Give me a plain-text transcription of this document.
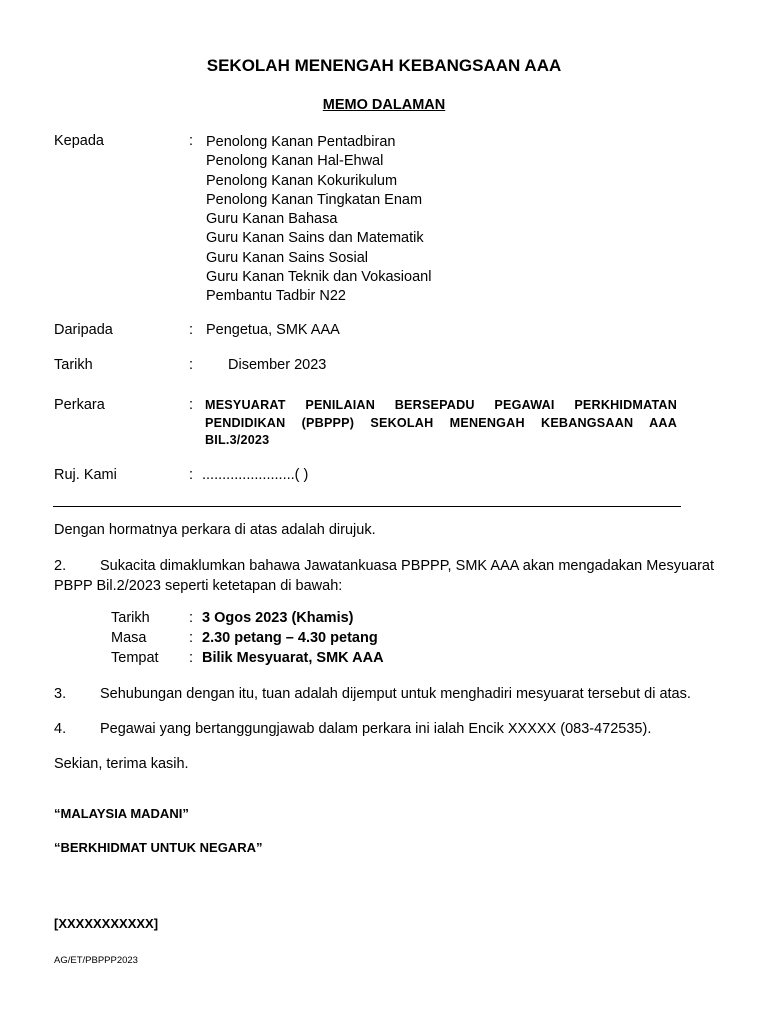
SEKOLAH MENENGAH KEBANGSAAN AAA
MEMO DALAMAN
Kepada	: Penolong Kanan Pentadbiran
Penolong Kanan Hal-Ehwal
Penolong Kanan Kokurikulum
Penolong Kanan Tingkatan Enam
Guru Kanan Bahasa
Guru Kanan Sains dan Matematik
Guru Kanan Sains Sosial
Guru Kanan Teknik dan Vokasioanl
Pembantu Tadbir N22
Daripada	: Pengetua, SMK AAA
Tarikh	: Disember 2023
Perkara	: MESYUARAT PENILAIAN BERSEPADU PEGAWAI PERKHIDMATAN PENDIDIKAN (PBPPP) SEKOLAH MENENGAH KEBANGSAAN AAA BIL.3/2023
Ruj. Kami	: .......................( )
Dengan hormatnya perkara di atas adalah dirujuk.
2. Sukacita dimaklumkan bahawa Jawatankuasa PBPPP, SMK AAA akan mengadakan Mesyuarat PBPP Bil.2/2023 seperti ketetapan di bawah:
Tarikh	: 3 Ogos 2023 (Khamis)
Masa	: 2.30 petang – 4.30 petang
Tempat : Bilik Mesyuarat, SMK AAA
3. Sehubungan dengan itu, tuan adalah dijemput untuk menghadiri mesyuarat tersebut di atas.
4. Pegawai yang bertanggungjawab dalam perkara ini ialah Encik XXXXX (083-472535).
Sekian, terima kasih.
“MALAYSIA MADANI”
“BERKHIDMAT UNTUK NEGARA”
[XXXXXXXXXXX]
AG/ET/PBPPP2023
